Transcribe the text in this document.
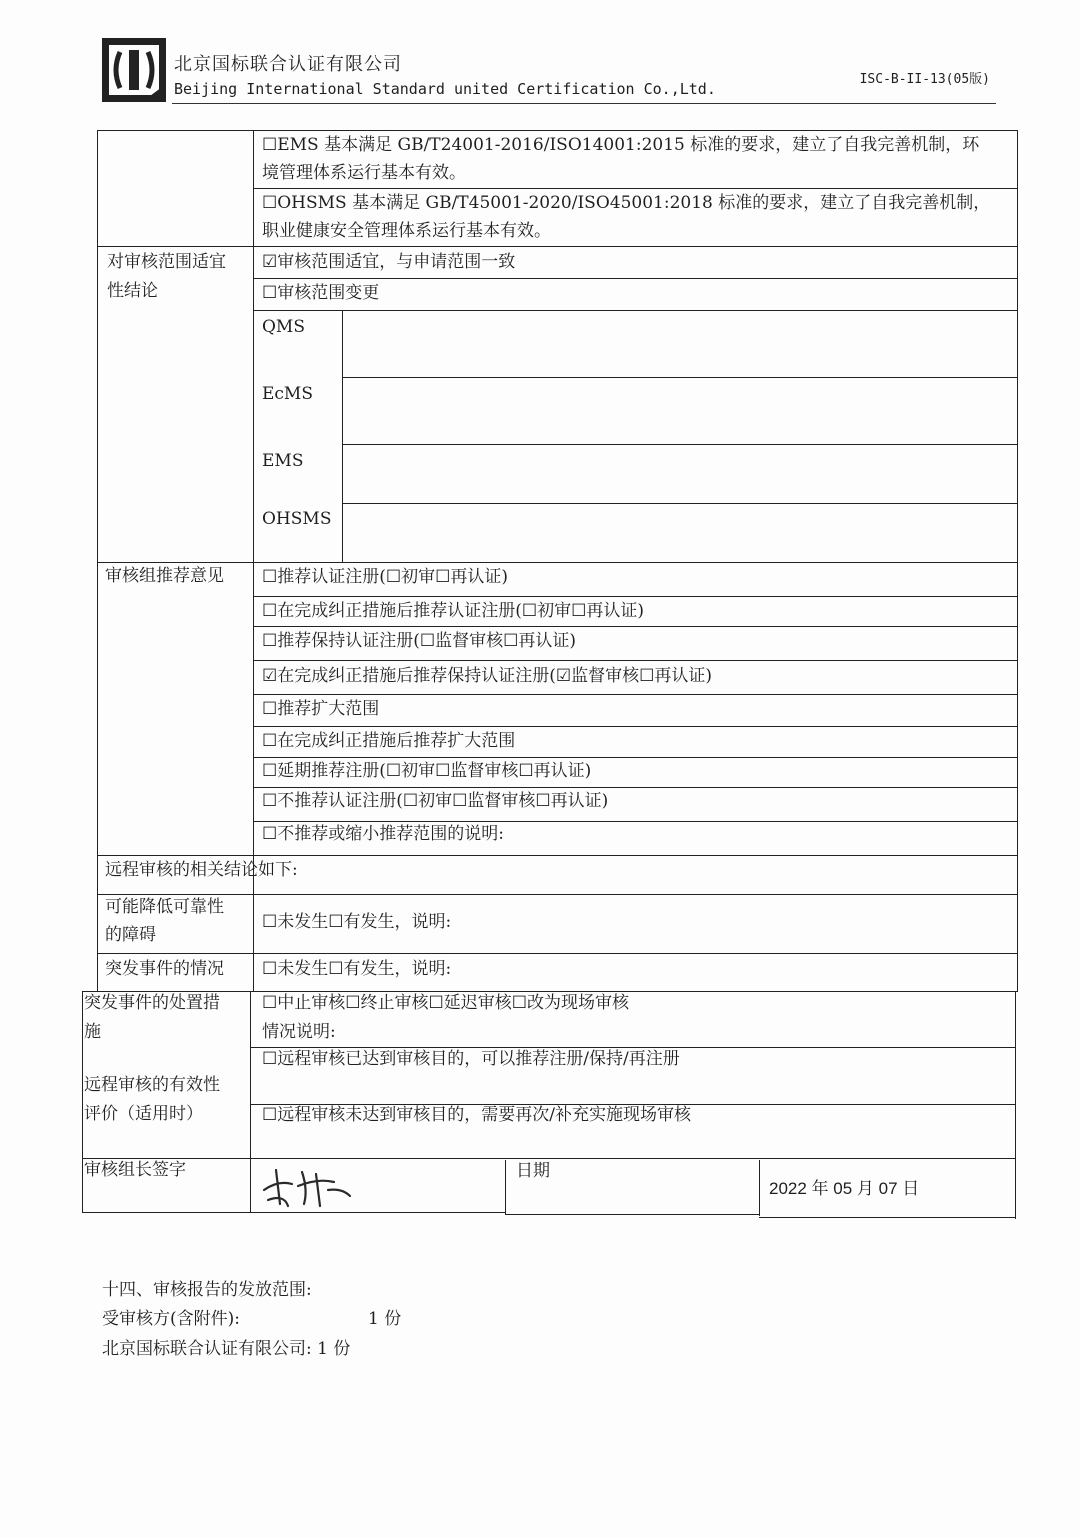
北京国标联合认证有限公司
Beijing International Standard united Certification Co.,Ltd.
ISC-B-II-13(05版)
☐EMS 基本满足 GB/T24001-2016/ISO14001:2015 标准的要求，建立了自我完善机制，环
境管理体系运行基本有效。
☐OHSMS 基本满足 GB/T45001-2020/ISO45001:2018 标准的要求，建立了自我完善机制，
职业健康安全管理体系运行基本有效。
对审核范围适宜
性结论
☑审核范围适宜，与申请范围一致
☐审核范围变更
QMS
EcMS
EMS
OHSMS
审核组推荐意见 ☐推荐认证注册(☐初审☐再认证)
☐在完成纠正措施后推荐认证注册(☐初审☐再认证)
☐推荐保持认证注册(☐监督审核☐再认证)
☑在完成纠正措施后推荐保持认证注册(☑监督审核☐再认证)
☐推荐扩大范围
☐在完成纠正措施后推荐扩大范围
☐延期推荐注册(☐初审☐监督审核☐再认证)
☐不推荐认证注册(☐初审☐监督审核☐再认证)
☐不推荐或缩小推荐范围的说明:
远程审核的相关结论如下:
可能降低可靠性
的障碍
☐未发生☐有发生，说明:
突发事件的情况 ☐未发生☐有发生，说明:
突发事件的处置措
施
☐中止审核☐终止审核☐延迟审核☐改为现场审核
情况说明:
远程审核的有效性
评价（适用时）
☐远程审核已达到审核目的，可以推荐注册/保持/再注册
☐远程审核未达到审核目的，需要再次/补充实施现场审核
审核组长签字	日期
2022 年 05 月 07 日
十四、审核报告的发放范围:
受审核方(含附件):	1 份
北京国标联合认证有限公司: 1 份
